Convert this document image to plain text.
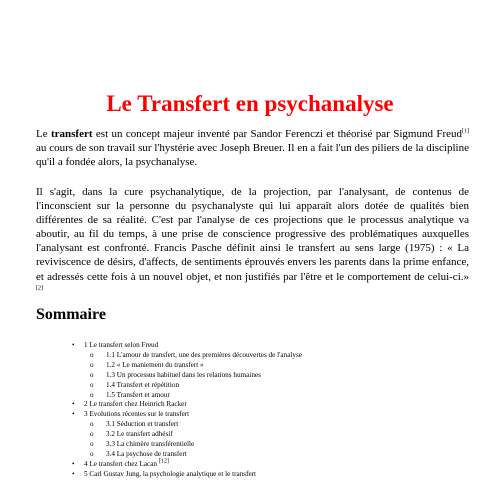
Le Transfert en psychanalyse

Le transfert est un concept majeur inventé par Sandor Ferenczi et théorisé par Sigmund Freud[1] au cours de son travail sur l'hystérie avec Joseph Breuer. Il en a fait l'un des piliers de la discipline qu'il a fondée alors, la psychanalyse.

Il s'agit, dans la cure psychanalytique, de la projection, par l'analysant, de contenus de l'inconscient sur la personne du psychanalyste qui lui apparaît alors dotée de qualités bien différentes de sa réalité. C'est par l'analyse de ces projections que le processus analytique va aboutir, au fil du temps, à une prise de conscience progressive des problématiques auxquelles l'analysant est confronté. Francis Pasche définit ainsi le transfert au sens large (1975) : « La reviviscence de désirs, d'affects, de sentiments éprouvés envers les parents dans la prime enfance, et adressés cette fois à un nouvel objet, et non justifiés par l'être et le comportement de celui-ci.» [2]

Sommaire
• 1 Le transfert selon Freud
o 1.1 L'amour de transfert, une des premières découvertes de l'analyse
o 1.2 « Le maniement du transfert »
o 1.3 Un processus habituel dans les relations humaines
o 1.4 Transfert et répétition
o 1.5 Transfert et amour
• 2 Le transfert chez Heinrich Racker
• 3 Evolutions récentes sur le transfert
o 3.1 Séduction et transfert
o 3.2 Le transfert adhésif
o 3.3 La chimère transférentielle
o 3.4 La psychose de transfert
• 4 Le transfert chez Lacan [12]
• 5 Carl Gustav Jung, la psychologie analytique et le transfert
